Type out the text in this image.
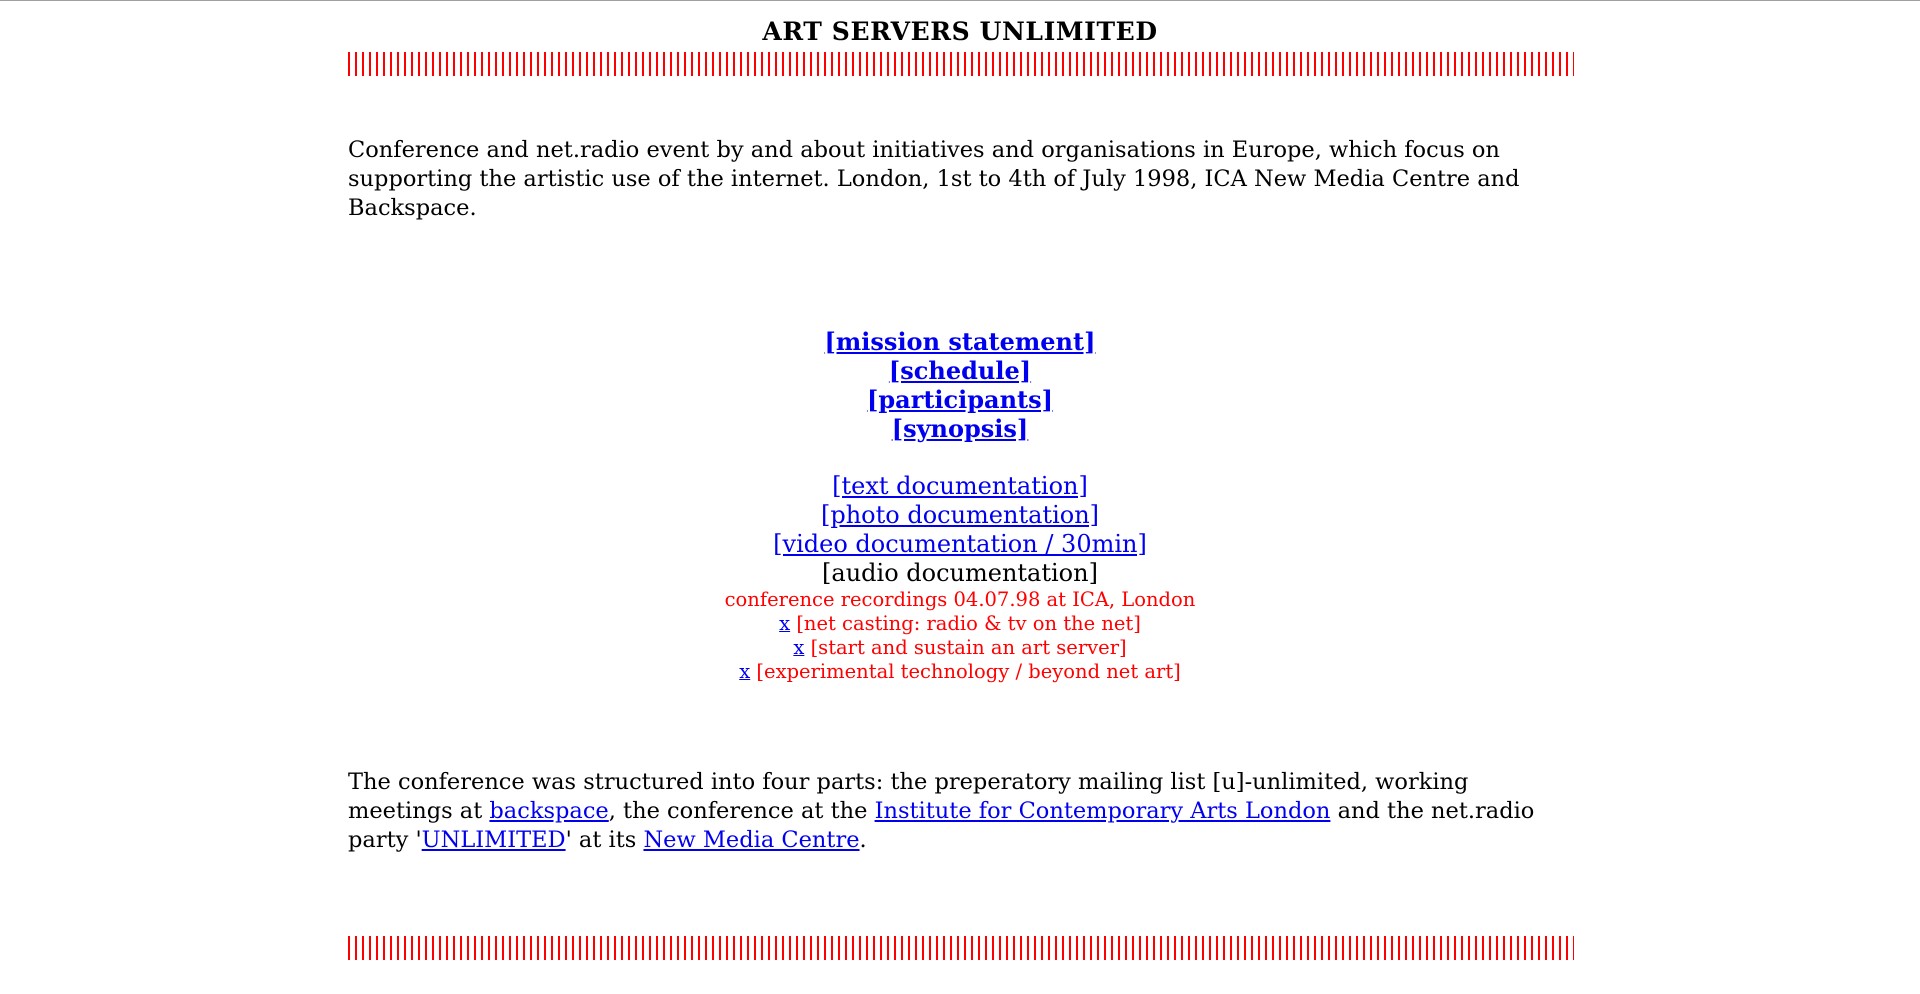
ART SERVERS UNLIMITED

Conference and net.radio event by and about initiatives and organisations in Europe, which focus on supporting the artistic use of the internet. London, 1st to 4th of July 1998, ICA New Media Centre and Backspace.

[mission statement]
[schedule]
[participants]
[synopsis]
[text documentation]
[photo documentation]
[video documentation / 30min]
[audio documentation]
conference recordings 04.07.98 at ICA, London
x [net casting: radio & tv on the net]
x [start and sustain an art server]
x [experimental technology / beyond net art]

The conference was structured into four parts: the preperatory mailing list [u]-unlimited, working meetings at backspace, the conference at the Institute for Contemporary Arts London and the net.radio party 'UNLIMITED' at its New Media Centre.
